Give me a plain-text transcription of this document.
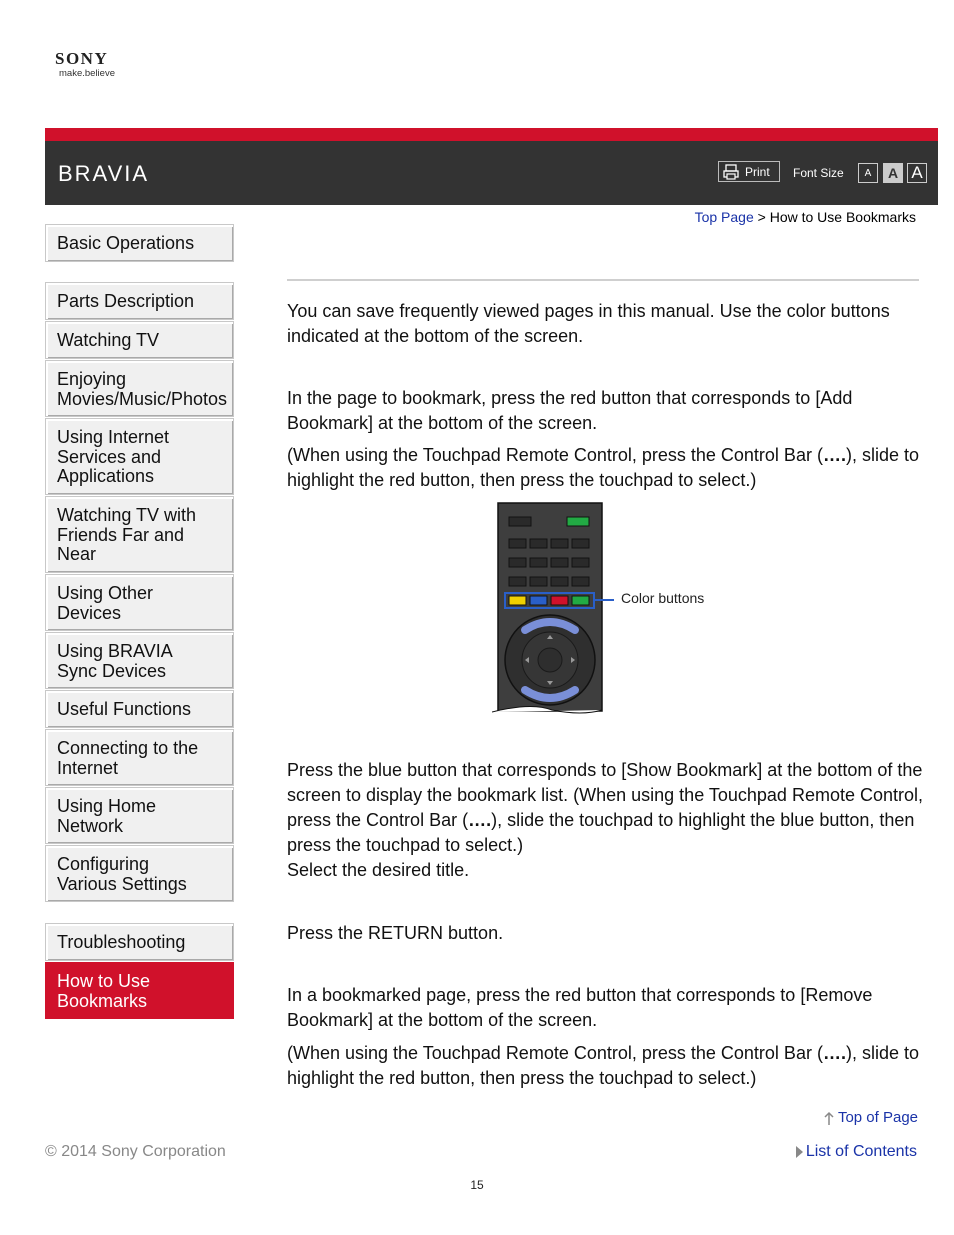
SONY
make.believe
BRAVIA	Print Font Size	A	A A
Top Page > How to Use Bookmarks
Basic Operations
Parts Description
Watching TV
Enjoying
Movies/Music/Photos
Using Internet
Services and
Applications
Watching TV with
Friends Far and
Near
Using Other
Devices
Using BRAVIA
Sync Devices
Useful Functions
Connecting to the
Internet
Using Home
Network
Configuring
Various Settings
Troubleshooting
How to Use
Bookmarks

You can save frequently viewed pages in this manual. Use the color buttons indicated at the bottom of the screen.

In the page to bookmark, press the red button that corresponds to [Add Bookmark] at the bottom of the screen.

(When using the Touchpad Remote Control, press the Control Bar (….), slide to highlight the red button, then press the touchpad to select.)

Color buttons

Press the blue button that corresponds to [Show Bookmark] at the bottom of the screen to display the bookmark list. (When using the Touchpad Remote Control, press the Control Bar (….), slide the touchpad to highlight the blue button, then press the touchpad to select.)
Select the desired title.

Press the RETURN button.

In a bookmarked page, press the red button that corresponds to [Remove Bookmark] at the bottom of the screen.

(When using the Touchpad Remote Control, press the Control Bar (….), slide to highlight the red button, then press the touchpad to select.)

Top of Page
© 2014 Sony Corporation	List of Contents
15
